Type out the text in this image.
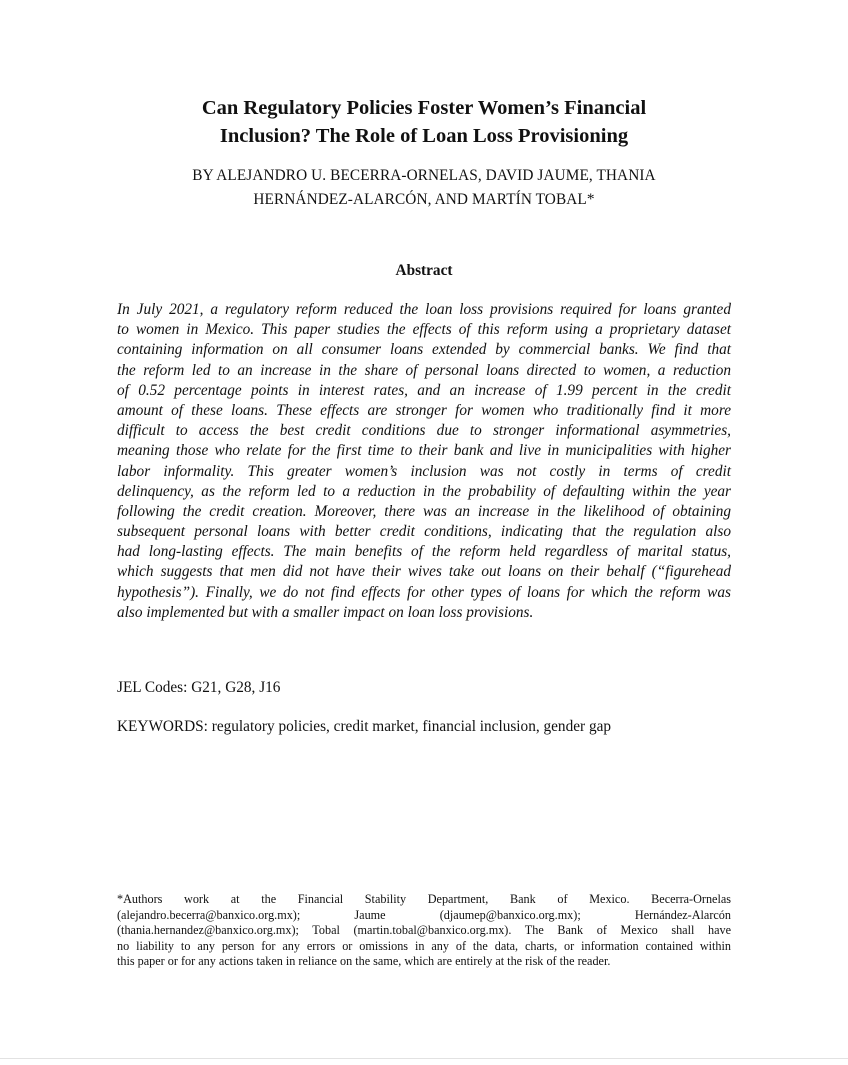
Can Regulatory Policies Foster Women’s Financial
Inclusion? The Role of Loan Loss Provisioning
BY ALEJANDRO U. BECERRA-ORNELAS, DAVID JAUME, THANIA
HERNÁNDEZ-ALARCÓN, AND MARTÍN TOBAL*
Abstract
In July 2021, a regulatory reform reduced the loan loss provisions required for loans granted
to women in Mexico. This paper studies the effects of this reform using a proprietary dataset
containing information on all consumer loans extended by commercial banks. We find that
the reform led to an increase in the share of personal loans directed to women, a reduction
of 0.52 percentage points in interest rates, and an increase of 1.99 percent in the credit
amount of these loans. These effects are stronger for women who traditionally find it more
difficult to access the best credit conditions due to stronger informational asymmetries,
meaning those who relate for the first time to their bank and live in municipalities with higher
labor informality. This greater women’s inclusion was not costly in terms of credit
delinquency, as the reform led to a reduction in the probability of defaulting within the year
following the credit creation. Moreover, there was an increase in the likelihood of obtaining
subsequent personal loans with better credit conditions, indicating that the regulation also
had long-lasting effects. The main benefits of the reform held regardless of marital status,
which suggests that men did not have their wives take out loans on their behalf (“figurehead
hypothesis”). Finally, we do not find effects for other types of loans for which the reform was
also implemented but with a smaller impact on loan loss provisions.
JEL Codes: G21, G28, J16
KEYWORDS: regulatory policies, credit market, financial inclusion, gender gap
*Authors work at the Financial Stability Department, Bank of Mexico. Becerra-Ornelas
(alejandro.becerra@banxico.org.mx); Jaume (djaumep@banxico.org.mx); Hernández-Alarcón
(thania.hernandez@banxico.org.mx); Tobal (martin.tobal@banxico.org.mx). The Bank of Mexico shall have
no liability to any person for any errors or omissions in any of the data, charts, or information contained within
this paper or for any actions taken in reliance on the same, which are entirely at the risk of the reader.
